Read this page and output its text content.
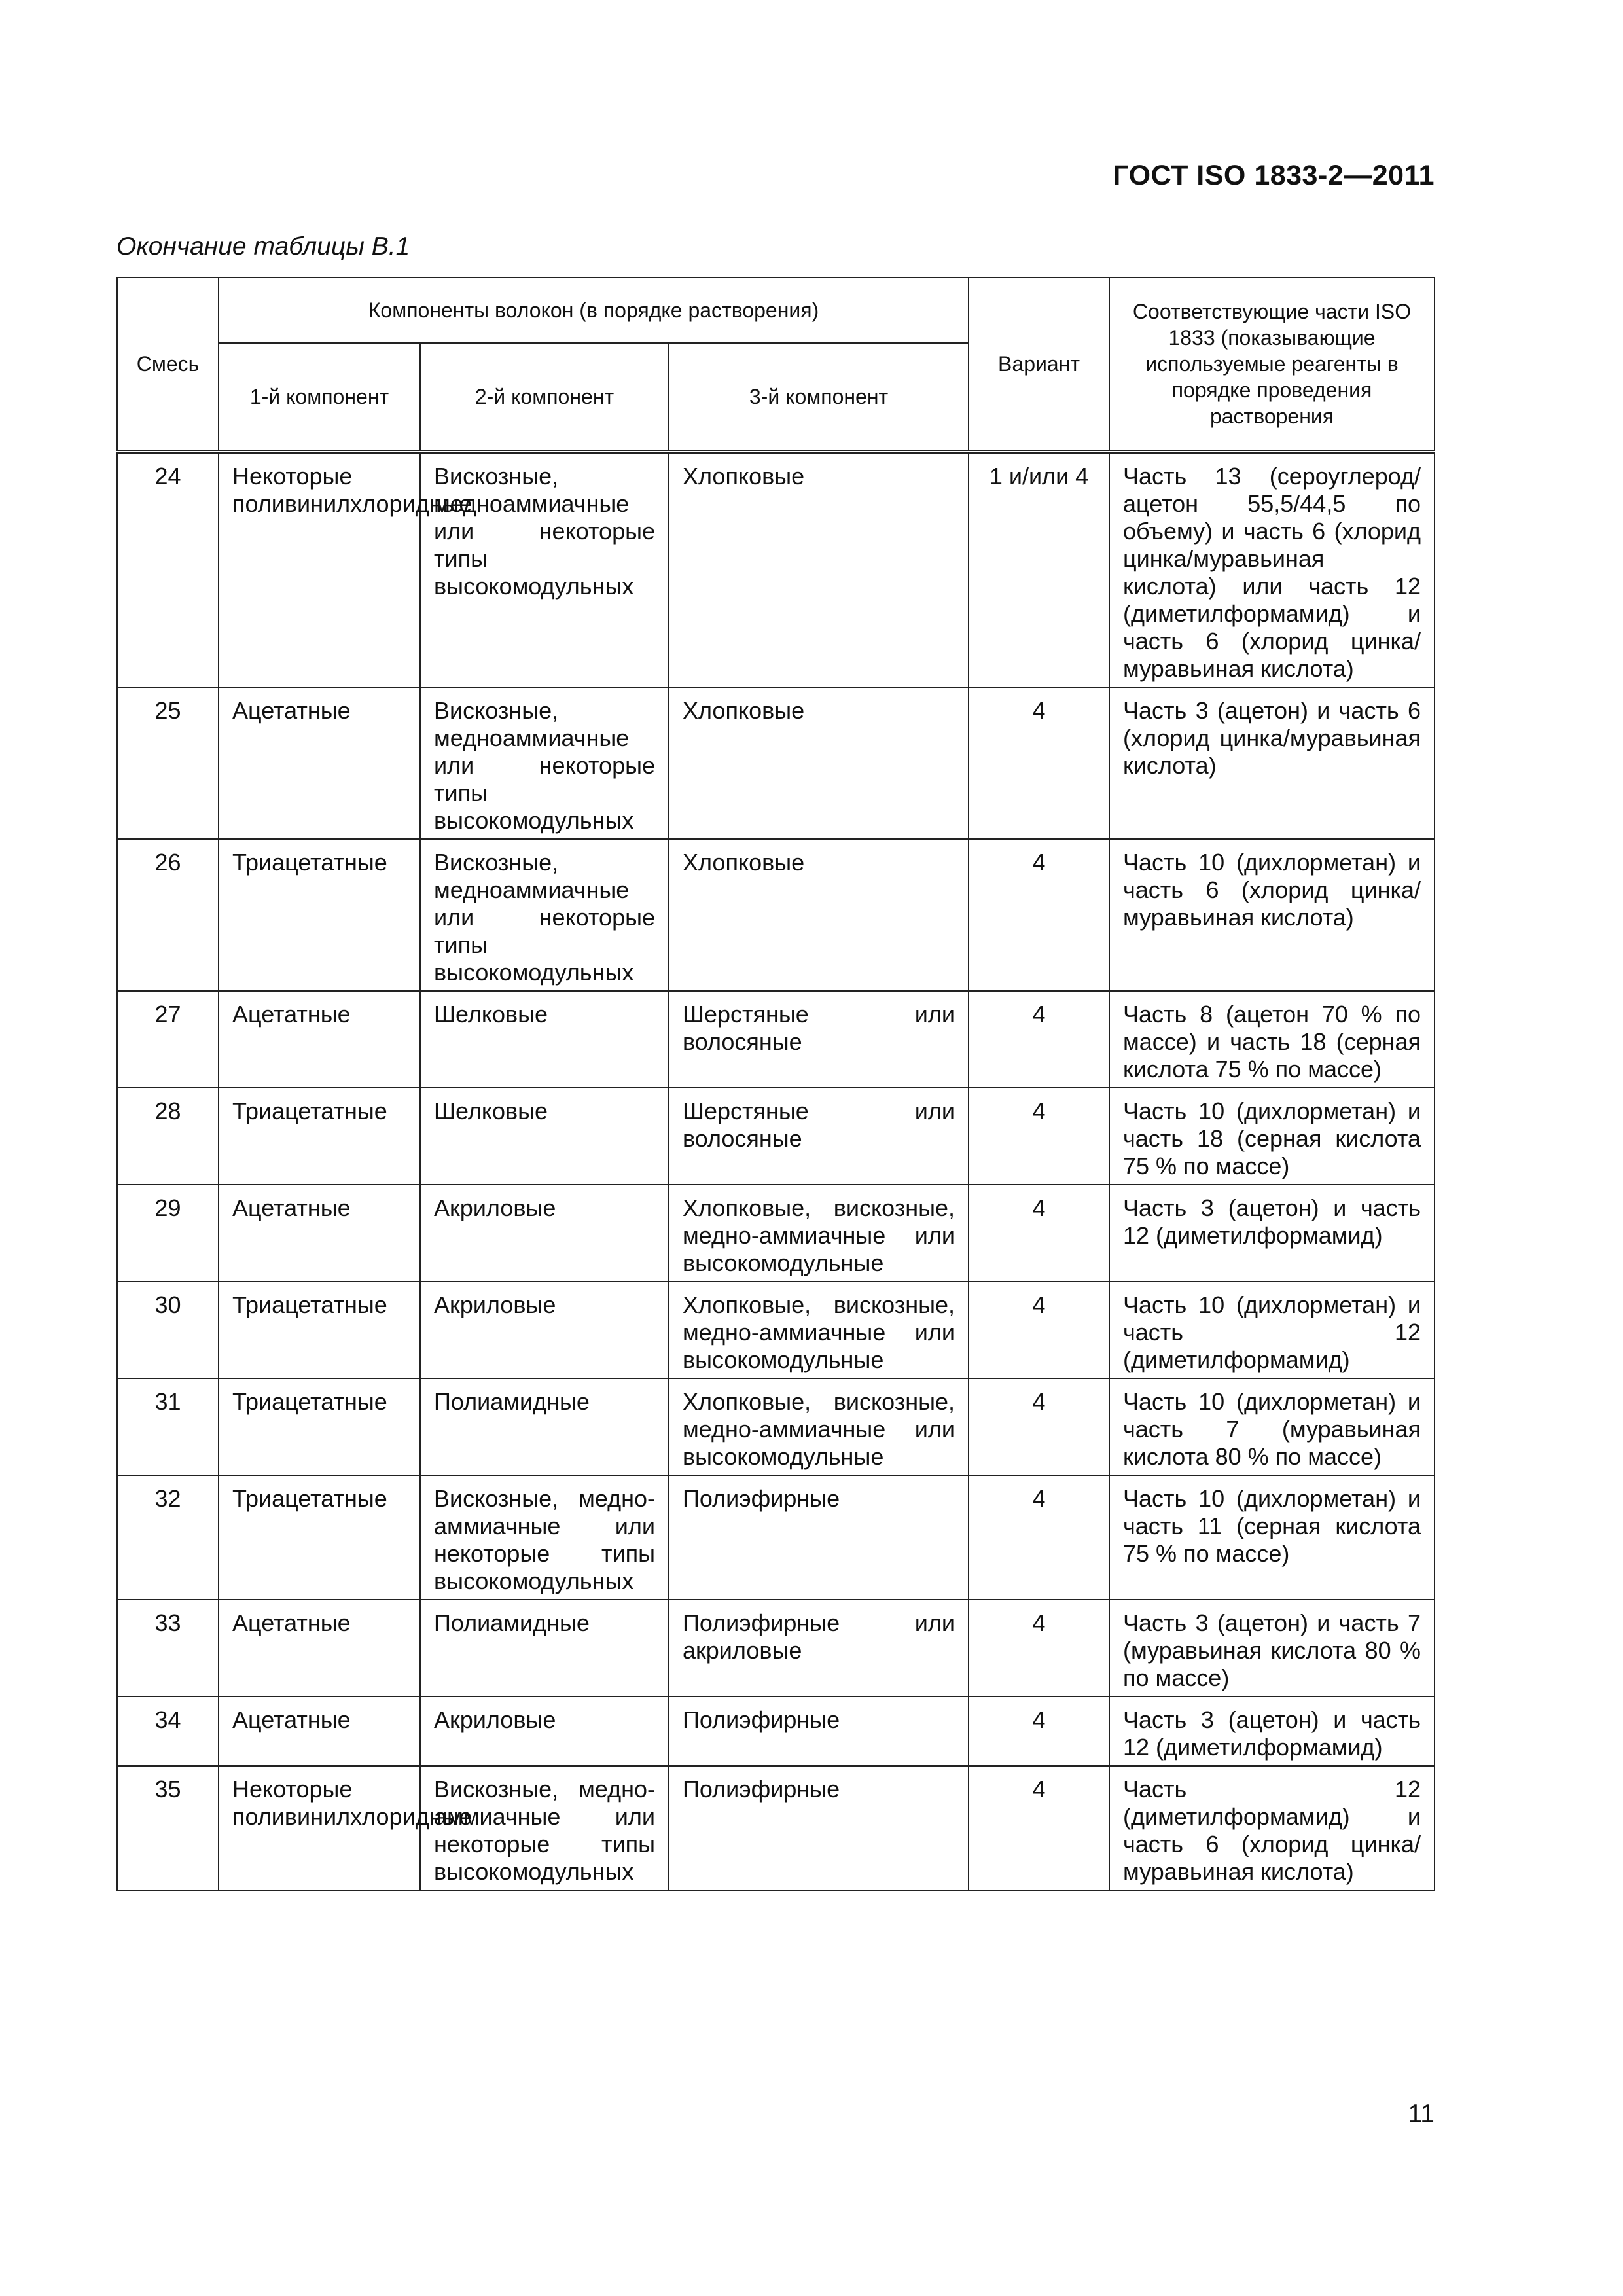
ГОСТ ISO 1833-2—2011
Окончание таблицы В.1
Смесь	Компоненты волокон (в порядке растворения)			Вариант	Соответствующие части ISO 1833 (показывающие используемые реагенты в порядке проведения растворения
	1-й компонент	2-й компонент	3-й компонент		
24	Некоторые поливинилхлоридные	Вискозные, медноаммиачные или некоторые типы высокомодульных	Хлопковые	1 и/или 4	Часть 13 (сероуглерод/ацетон 55,5/44,5 по объему) и часть 6 (хлорид цинка/муравьиная кислота) или часть 12 (диметилформамид) и часть 6 (хлорид цинка/муравьиная кислота)
25	Ацетатные	Вискозные, медноаммиачные или некоторые типы высокомодульных	Хлопковые	4	Часть 3 (ацетон) и часть 6 (хлорид цинка/муравьиная кислота)
26	Триацетатные	Вискозные, медноаммиачные или некоторые типы высокомодульных	Хлопковые	4	Часть 10 (дихлорметан) и часть 6 (хлорид цинка/ муравьиная кислота)
27	Ацетатные	Шелковые	Шерстяные или волосяные	4	Часть 8 (ацетон 70 % по массе) и часть 18 (серная кислота 75 % по массе)
28	Триацетатные	Шелковые	Шерстяные или волосяные	4	Часть 10 (дихлорметан) и часть 18 (серная кислота 75 % по массе)
29	Ацетатные	Акриловые	Хлопковые, вискозные, медно-аммиачные или высокомодульные	4	Часть 3 (ацетон) и часть 12 (диметилформамид)
30	Триацетатные	Акриловые	Хлопковые, вискозные, медно-аммиачные или высокомодульные	4	Часть 10 (дихлорметан) и часть 12 (диметилформамид)
31	Триацетатные	Полиамидные	Хлопковые, вискозные, медно-аммиачные или высокомодульные	4	Часть 10 (дихлорметан) и часть 7 (муравьиная кислота 80 % по массе)
32	Триацетатные	Вискозные, медно-аммиачные или некоторые типы высокомодульных	Полиэфирные	4	Часть 10 (дихлорметан) и часть 11 (серная кислота 75 % по массе)
33	Ацетатные	Полиамидные	Полиэфирные или акриловые	4	Часть 3 (ацетон) и часть 7 (муравьиная кислота 80 % по массе)
34	Ацетатные	Акриловые	Полиэфирные	4	Часть 3 (ацетон) и часть 12 (диметилформамид)
35	Некоторые поливинилхлоридные	Вискозные, медно-аммиачные или некоторые типы высокомодульных	Полиэфирные	4	Часть 12 (диметилформамид) и часть 6 (хлорид цинка/муравьиная кислота)
11
